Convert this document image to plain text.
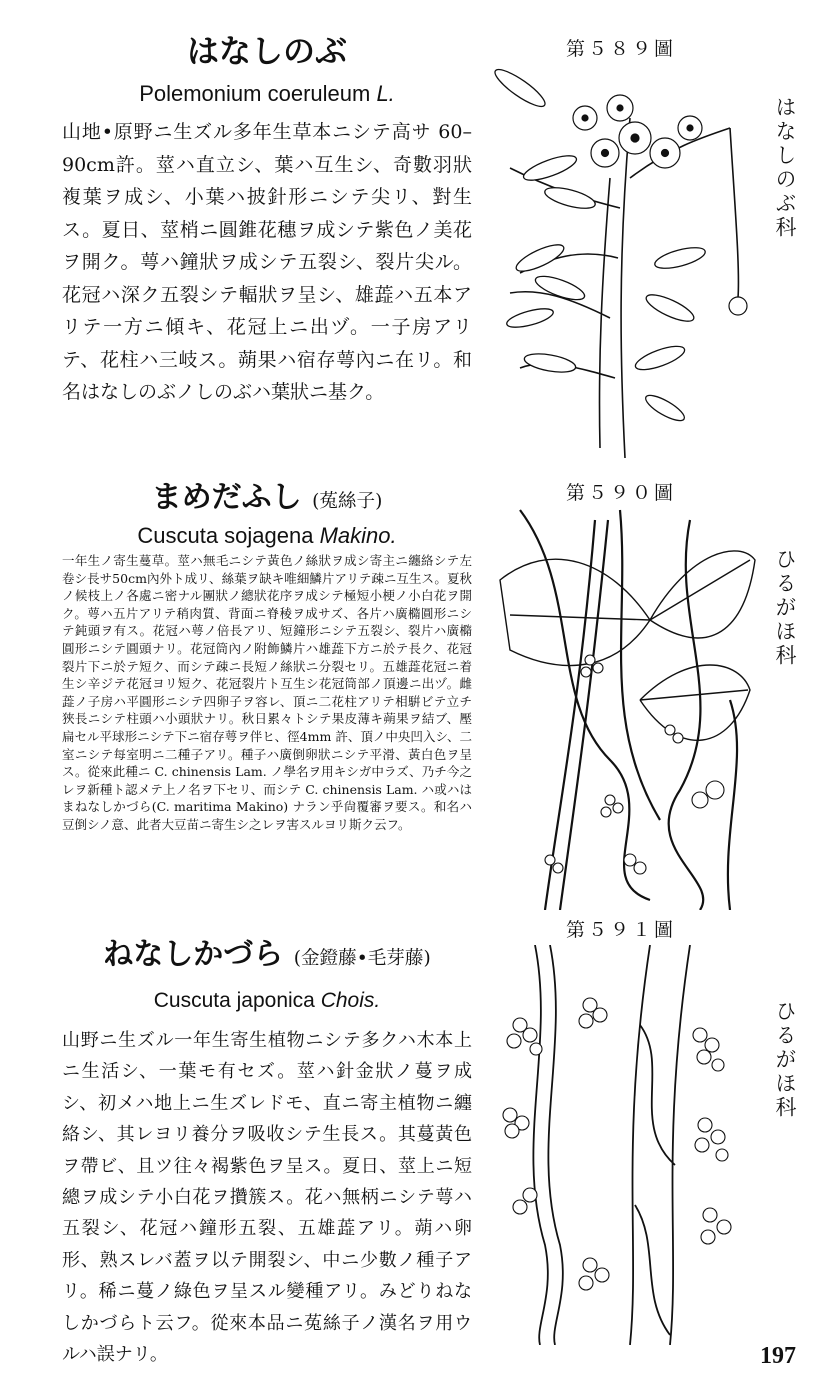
はなしのぶ

Polemonium coeruleum L.

山地•原野ニ生ズル多年生草本ニシテ高サ 60–90cm許。莖ハ直立シ、葉ハ互生シ、奇數羽狀複葉ヲ成シ、小葉ハ披針形ニシテ尖リ、對生ス。夏日、莖梢ニ圓錐花穗ヲ成シテ紫色ノ美花ヲ開ク。萼ハ鐘狀ヲ成シテ五裂シ、裂片尖ル。花冠ハ深ク五裂シテ輻狀ヲ呈シ、雄蕋ハ五本アリテ一方ニ傾キ、花冠上ニ出ヅ。一子房アリテ、花柱ハ三岐ス。蒴果ハ宿存萼內ニ在リ。和名はなしのぶノしのぶハ葉狀ニ基ク。

まめだふし (菟絲子)

Cuscuta sojagena Makino.

一年生ノ寄生蔓草。莖ハ無毛ニシテ黃色ノ絲狀ヲ成シ寄主ニ纏絡シテ左卷シ長サ50cm內外ト成リ、絲葉ヲ缺キ唯細鱗片アリテ疎ニ互生ス。夏秋ノ候枝上ノ各處ニ密ナル團狀ノ總狀花序ヲ成シテ極短小梗ノ小白花ヲ開ク。萼ハ五片アリテ稍肉質、背面ニ脊稜ヲ成サズ、各片ハ廣橢圓形ニシテ鈍頭ヲ有ス。花冠ハ萼ノ倍長アリ、短鐘形ニシテ五裂シ、裂片ハ廣橢圓形ニシテ圓頭ナリ。花冠筒內ノ附飾鱗片ハ雄蕋下方ニ於テ長ク、花冠裂片下ニ於テ短ク、而シテ疎ニ長短ノ絲狀ニ分裂セリ。五雄蕋花冠ニ着生シ辛ジテ花冠ヨリ短ク、花冠裂片ト互生シ花冠筒部ノ頂邊ニ出ヅ。雌蕋ノ子房ハ平圓形ニシテ四卵子ヲ容レ、頂ニ二花柱アリテ相騈ビテ立チ狹長ニシテ柱頭ハ小頭狀ナリ。秋日累々トシテ果皮薄キ蒴果ヲ結ブ、壓扁セル平球形ニシテ下ニ宿存萼ヲ伴ヒ、徑4mm 許、頂ノ中央凹入シ、二室ニシテ每室明ニ二種子アリ。種子ハ廣倒卵狀ニシテ平滑、黃白色ヲ呈ス。從來此種ニ C. chinensis Lam. ノ學名ヲ用キシガ中ラズ、乃チ今之レヲ新種ト認メテ上ノ名ヲ下セリ、而シテ C. chinensis Lam. ハ或ハはまねなしかづら(C. maritima Makino) ナラン乎尙覆審ヲ要ス。和名ハ豆倒シノ意、此者大豆苗ニ寄生シ之レヲ害スルヨリ斯ク云フ。

ねなしかづら (金鐙藤•毛芽藤)

Cuscuta japonica Chois.

山野ニ生ズル一年生寄生植物ニシテ多クハ木本上ニ生活シ、一葉モ有セズ。莖ハ針金狀ノ蔓ヲ成シ、初メハ地上ニ生ズレドモ、直ニ寄主植物ニ纏絡シ、其レヨリ養分ヲ吸收シテ生長ス。其蔓黃色ヲ帶ビ、且ツ往々褐紫色ヲ呈ス。夏日、莖上ニ短總ヲ成シテ小白花ヲ攢簇ス。花ハ無柄ニシテ萼ハ五裂シ、花冠ハ鐘形五裂、五雄蕋アリ。蒴ハ卵形、熟スレバ蓋ヲ以テ開裂シ、中ニ少數ノ種子アリ。稀ニ蔓ノ綠色ヲ呈スル變種アリ。みどりねなしかづらト云フ。從來本品ニ菟絲子ノ漢名ヲ用ウルハ誤ナリ。

第５８９圖
第５９０圖
第５９１圖
はなしのぶ科
ひるがほ科
ひるがほ科
197
